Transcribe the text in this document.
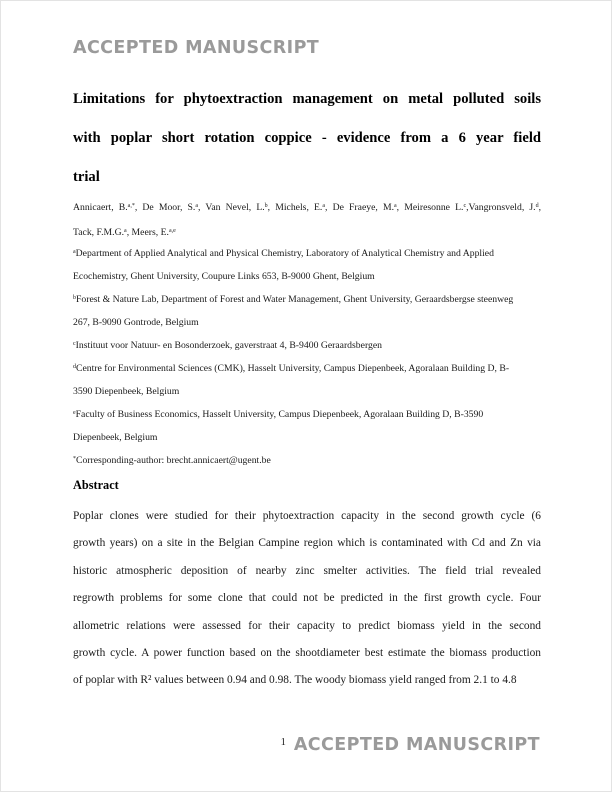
ACCEPTED MANUSCRIPT
Limitations for phytoextraction management on metal polluted soils
with poplar short rotation coppice - evidence from a 6 year field
trial
Annicaert, B.$^{a,*}$, De Moor, S.$^a$, Van Nevel, L.$^b$, Michels, E.$^a$, De Fraeye, M.$^a$, Meiresonne L.$^c$,Vangronsveld, J.$^d$,
Tack, F.M.G.$^a$, Meers, E.$^{a,e}$
$^a$Department of Applied Analytical and Physical Chemistry, Laboratory of Analytical Chemistry and Applied
Ecochemistry, Ghent University, Coupure Links 653, B-9000 Ghent, Belgium
$^b$Forest & Nature Lab, Department of Forest and Water Management, Ghent University, Geraardsbergse steenweg
267, B-9090 Gontrode, Belgium
$^c$Instituut voor Natuur- en Bosonderzoek, gaverstraat 4, B-9400 Geraardsbergen
$^d$Centre for Environmental Sciences (CMK), Hasselt University, Campus Diepenbeek, Agoralaan Building D, B-
3590 Diepenbeek, Belgium
$^e$Faculty of Business Economics, Hasselt University, Campus Diepenbeek, Agoralaan Building D, B-3590
Diepenbeek, Belgium
*Corresponding-author: brecht.annicaert@ugent.be
Abstract
Poplar clones were studied for their phytoextraction capacity in the second growth cycle (6
growth years) on a site in the Belgian Campine region which is contaminated with Cd and Zn via
historic atmospheric deposition of nearby zinc smelter activities. The field trial revealed
regrowth problems for some clone that could not be predicted in the first growth cycle. Four
allometric relations were assessed for their capacity to predict biomass yield in the second
growth cycle. A power function based on the shootdiameter best estimate the biomass production
of poplar with R² values between 0.94 and 0.98. The woody biomass yield ranged from 2.1 to 4.8
1 ACCEPTED MANUSCRIPT
